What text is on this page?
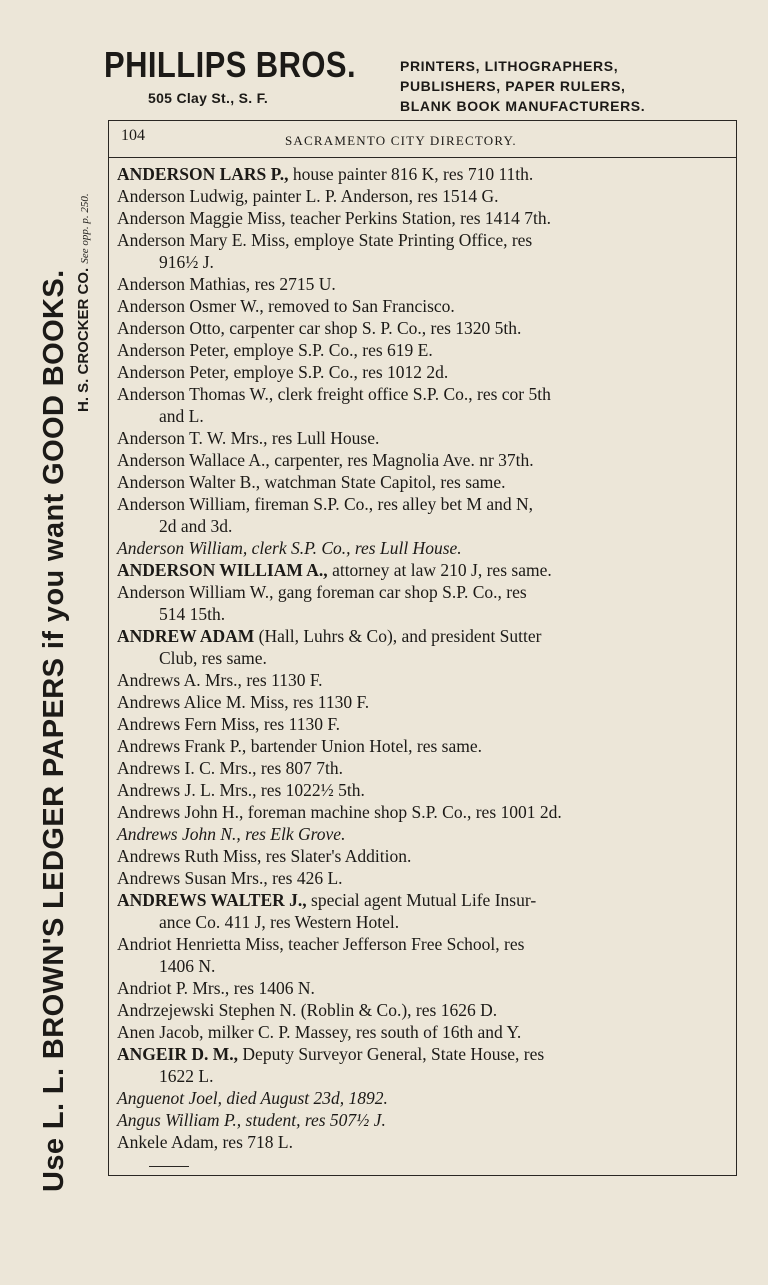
PHILLIPS BROS.
505 Clay St., S. F.
PRINTERS, LITHOGRAPHERS,
PUBLISHERS, PAPER RULERS,
BLANK BOOK MANUFACTURERS.
Use L. L. BROWN'S LEDGER PAPERS if you want GOOD BOOKS. H. S. CROCKER CO. See opp. p. 250.
104	SACRAMENTO CITY DIRECTORY.
ANDERSON LARS P., house painter 816 K, res 710 11th.
Anderson Ludwig, painter L. P. Anderson, res 1514 G.
Anderson Maggie Miss, teacher Perkins Station, res 1414 7th.
Anderson Mary E. Miss, employe State Printing Office, res
916½ J.
Anderson Mathias, res 2715 U.
Anderson Osmer W., removed to San Francisco.
Anderson Otto, carpenter car shop S. P. Co., res 1320 5th.
Anderson Peter, employe S.P. Co., res 619 E.
Anderson Peter, employe S.P. Co., res 1012 2d.
Anderson Thomas W., clerk freight office S.P. Co., res cor 5th
and L.
Anderson T. W. Mrs., res Lull House.
Anderson Wallace A., carpenter, res Magnolia Ave. nr 37th.
Anderson Walter B., watchman State Capitol, res same.
Anderson William, fireman S.P. Co., res alley bet M and N,
2d and 3d.
Anderson William, clerk S.P. Co., res Lull House.
ANDERSON WILLIAM A., attorney at law 210 J, res same.
Anderson William W., gang foreman car shop S.P. Co., res
514 15th.
ANDREW ADAM (Hall, Luhrs & Co), and president Sutter
Club, res same.
Andrews A. Mrs., res 1130 F.
Andrews Alice M. Miss, res 1130 F.
Andrews Fern Miss, res 1130 F.
Andrews Frank P., bartender Union Hotel, res same.
Andrews I. C. Mrs., res 807 7th.
Andrews J. L. Mrs., res 1022½ 5th.
Andrews John H., foreman machine shop S.P. Co., res 1001 2d.
Andrews John N., res Elk Grove.
Andrews Ruth Miss, res Slater's Addition.
Andrews Susan Mrs., res 426 L.
ANDREWS WALTER J., special agent Mutual Life Insur-
ance Co. 411 J, res Western Hotel.
Andriot Henrietta Miss, teacher Jefferson Free School, res
1406 N.
Andriot P. Mrs., res 1406 N.
Andrzejewski Stephen N. (Roblin & Co.), res 1626 D.
Anen Jacob, milker C. P. Massey, res south of 16th and Y.
ANGEIR D. M., Deputy Surveyor General, State House, res
1622 L.
Anguenot Joel, died August 23d, 1892.
Angus William P., student, res 507½ J.
Ankele Adam, res 718 L.
